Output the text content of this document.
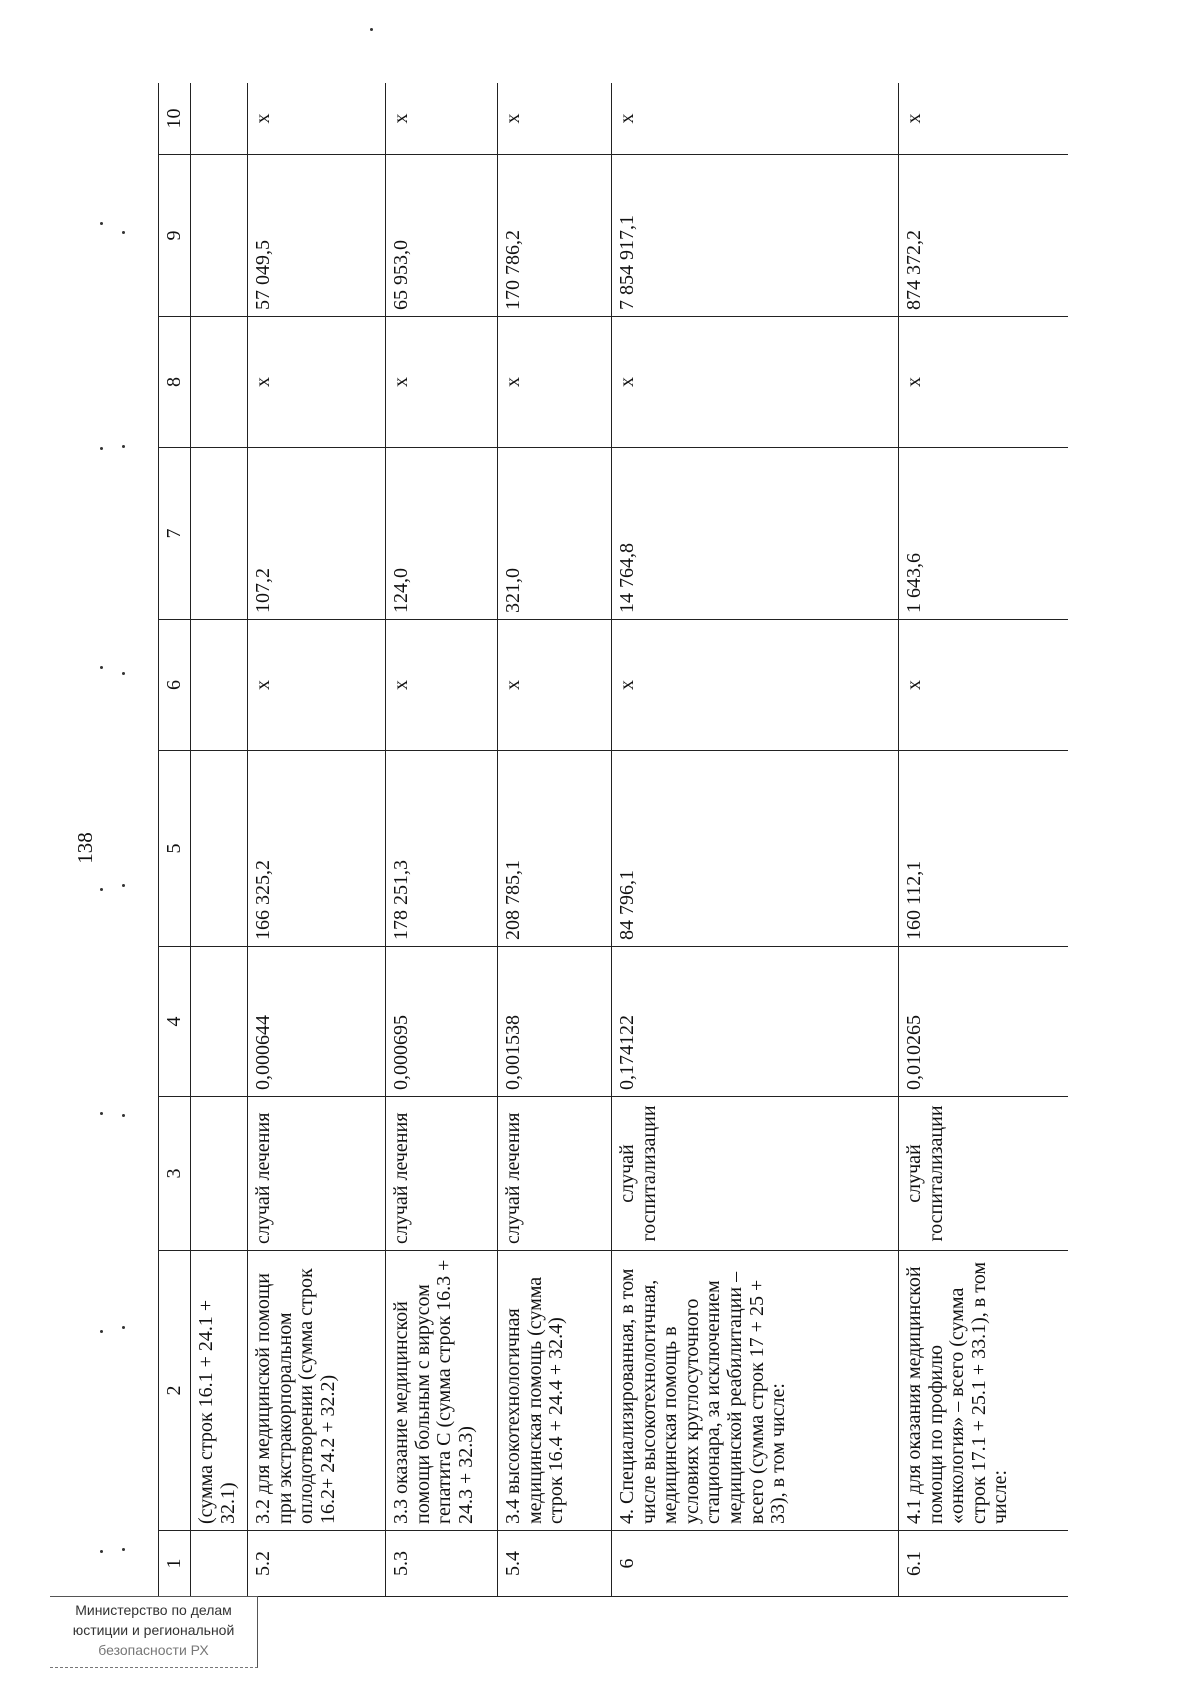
138
1	2	3	4	5	6	7	8	9	10
	(сумма строк 16.1 + 24.1 + 32.1)								
5.2	3.2 для медицинской помощи при экстракорпоральном оплодотворении (сумма строк 16.2+ 24.2 + 32.2)	случай лечения	0,000644	166 325,2	х	107,2	х	57 049,5	х
5.3	3.3 оказание медицинской помощи больным с вирусом гепатита С (сумма строк 16.3 + 24.3 + 32.3)	случай лечения	0,000695	178 251,3	х	124,0	х	65 953,0	х
5.4	3.4 высокотехнологичная медицинская помощь (сумма строк 16.4 + 24.4 + 32.4)	случай лечения	0,001538	208 785,1	х	321,0	х	170 786,2	х
6	4. Специализированная, в том числе высокотехнологичная, медицинская помощь в условиях круглосуточного стационара, за исключением медицинской реабилитации – всего (сумма строк 17 + 25 + 33), в том числе:	случай госпитализации	0,174122	84 796,1	х	14 764,8	х	7 854 917,1	х
6.1	4.1 для оказания медицинской помощи по профилю «онкология» – всего (сумма строк 17.1 + 25.1 + 33.1), в том числе:	случай госпитализации	0,010265	160 112,1	х	1 643,6	х	874 372,2	х
Министерство по делам
юстиции и региональной
безопасности РХ
